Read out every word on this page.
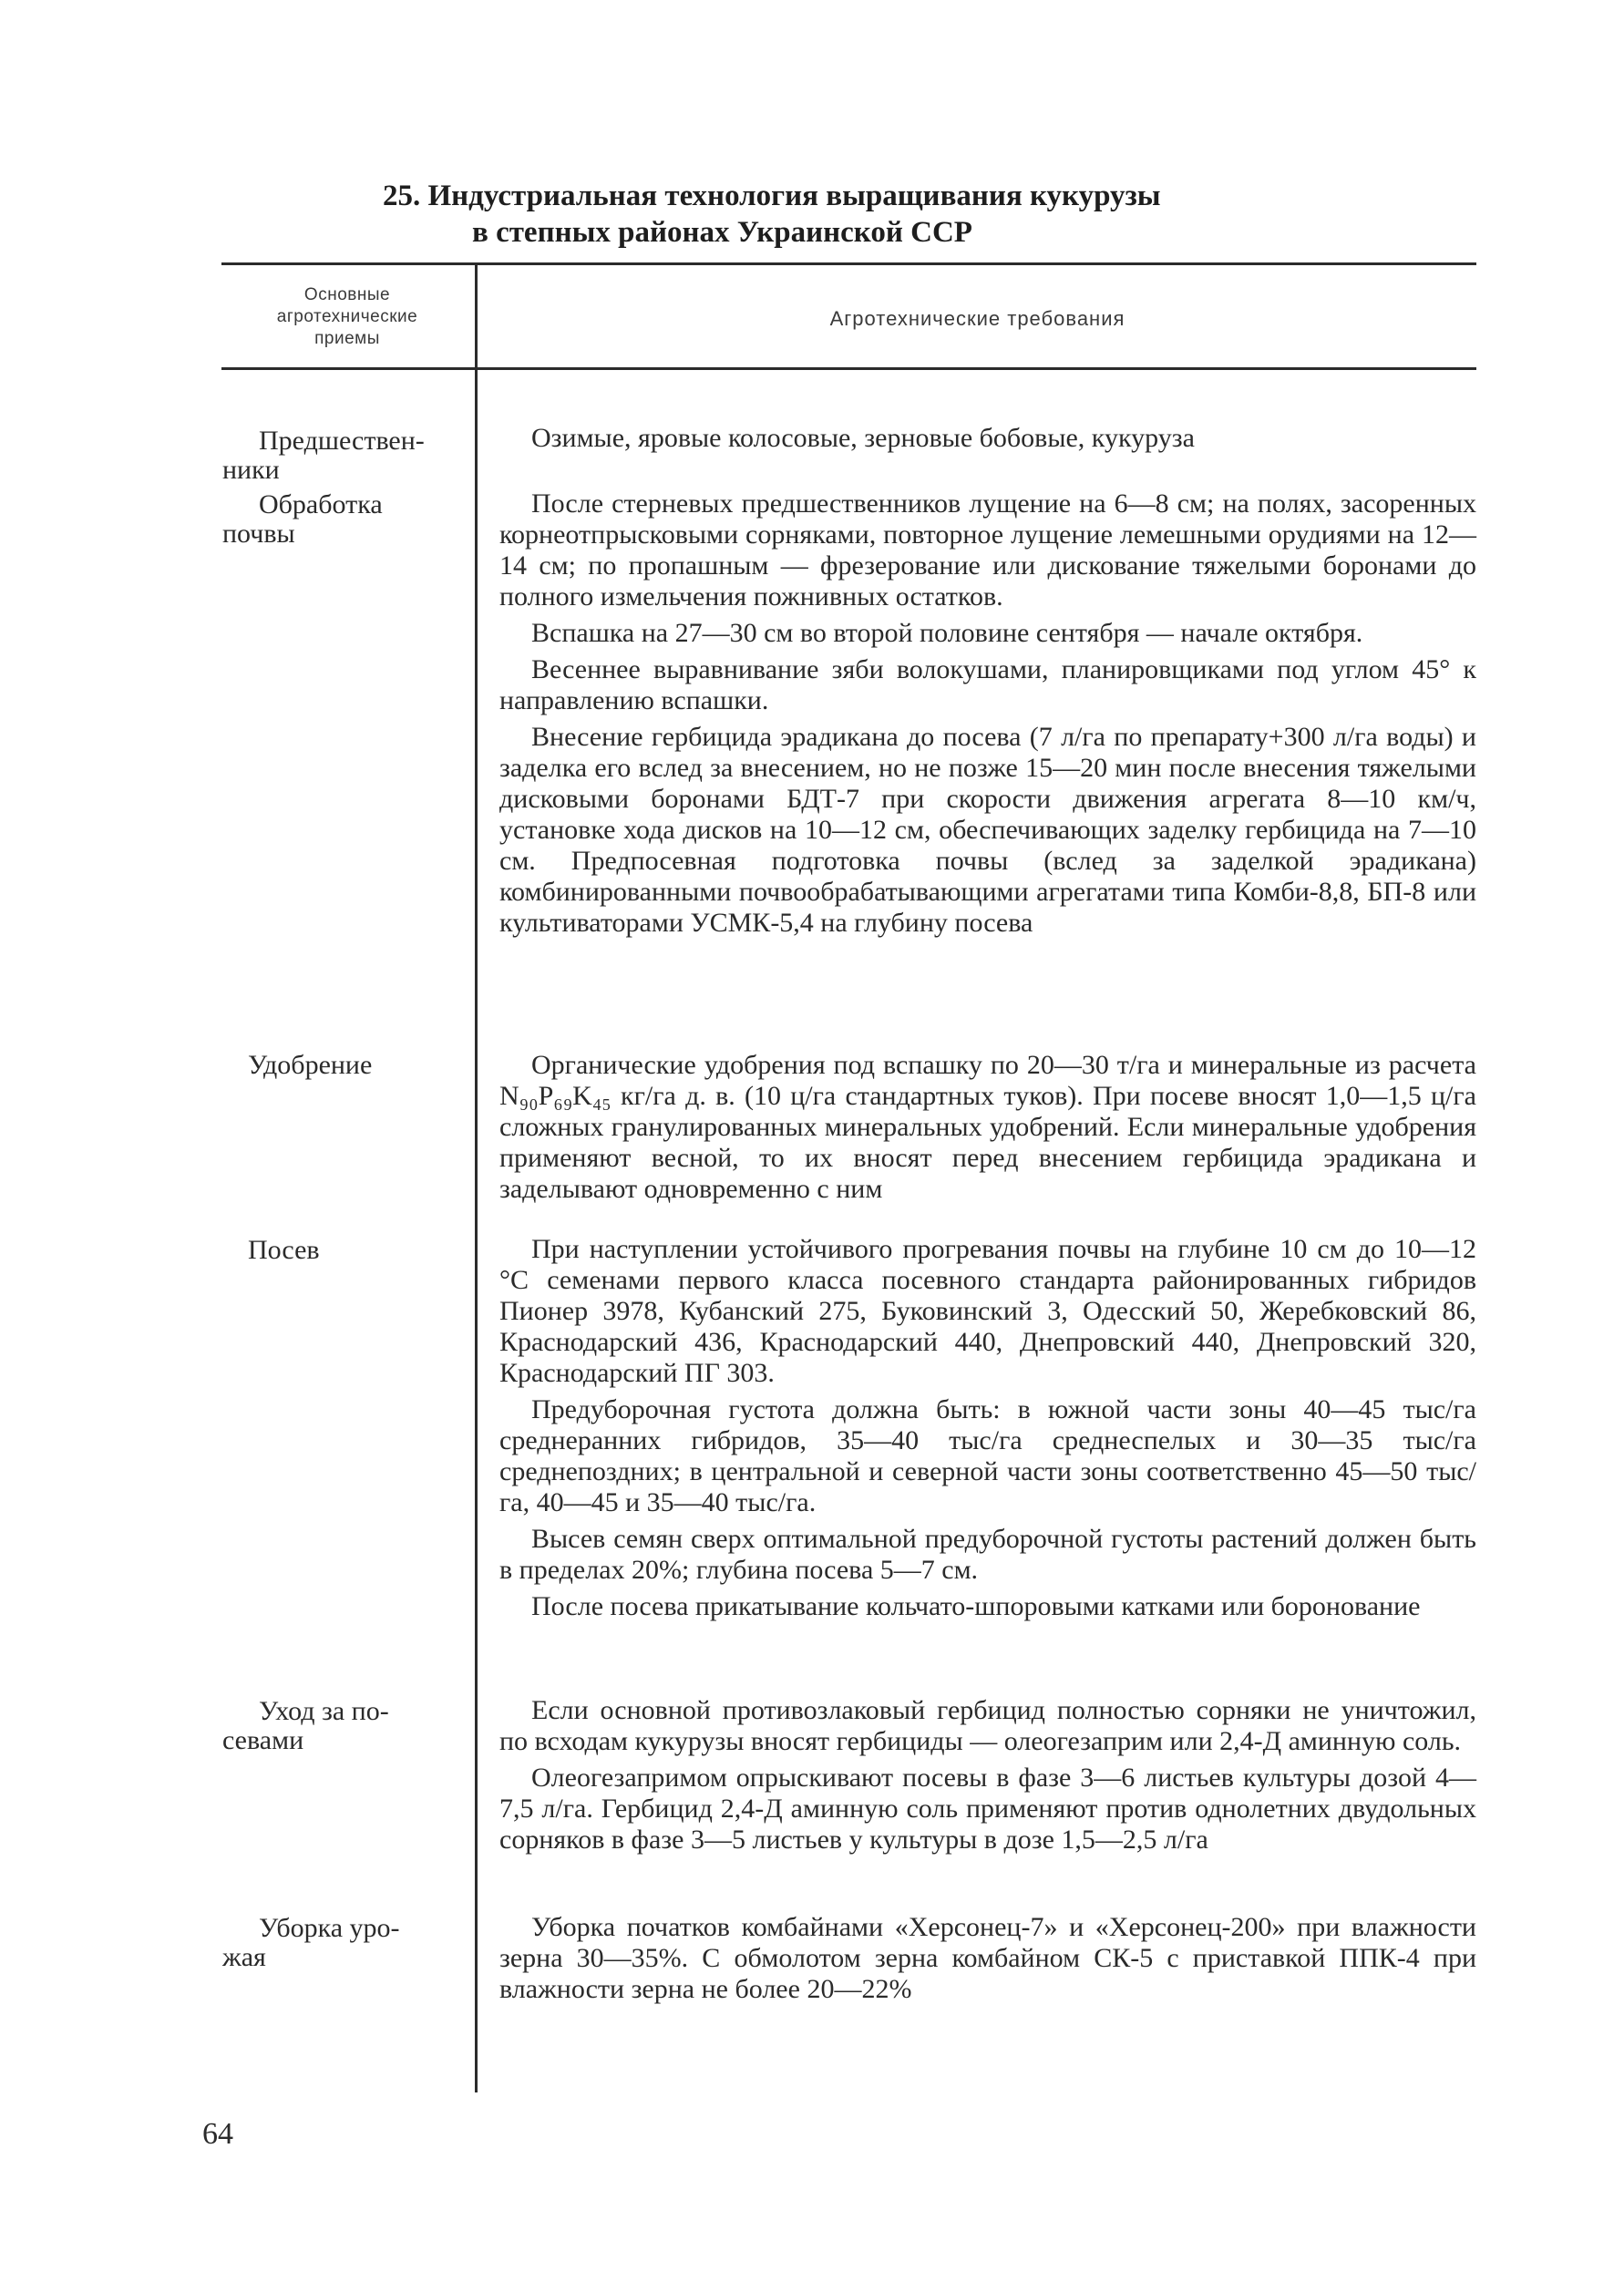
25. Индустриальная технология выращивания кукурузы
в степных районах Украинской ССР
Основные
агротехнические
приемы
Агротехнические требования
Предшествен-
ники

Озимые, яровые колосовые, зерновые бобовые, кукуруза

Обработка
почвы

После стерневых предшественников лущение на 6—8 см; на полях, засоренных корнеотпрысковыми сорняками, повторное лущение лемешными орудиями на 12—14 см; по пропашным — фрезерование или дискование тяжелыми боронами до полного измельчения пожнивных остатков.

Вспашка на 27—30 см во второй половине сентября — начале октября.

Весеннее выравнивание зяби волокушами, планировщиками под углом 45° к направлению вспашки.

Внесение гербицида эрадикана до посева (7 л/га по препарату+300 л/га воды) и заделка его вслед за внесением, но не позже 15—20 мин после внесения тяжелыми дисковыми боронами БДТ-7 при скорости движения агрегата 8—10 км/ч, установке хода дисков на 10—12 см, обеспечивающих заделку гербицида на 7—10 см. Предпосевная подготовка почвы (вслед за заделкой эрадикана) комбинированными почвообрабатывающими агрегатами типа Комби-8,8, БП-8 или культиваторами УСМК-5,4 на глубину посева

Удобрение	Органические удобрения под вспашку по 20—30 т/га и минеральные из расчета N₉₀P₆₉K₄₅ кг/га д. в. (10 ц/га стандартных туков). При посеве вносят 1,0—1,5 ц/га сложных гранулированных минеральных удобрений. Если минеральные удобрения применяют весной, то их вносят перед внесением гербицида эрадикана и заделывают одновременно с ним

Посев	При наступлении устойчивого прогревания почвы на глубине 10 см до 10—12 °С семенами первого класса посевного стандарта районированных гибридов Пионер 3978, Кубанский 275, Буковинский 3, Одесский 50, Жеребковский 86, Краснодарский 436, Краснодарский 440, Днепровский 440, Днепровский 320, Краснодарский ПГ 303.

Предуборочная густота должна быть: в южной части зоны 40—45 тыс/га среднеранних гибридов, 35—40 тыс/га среднеспелых и 30—35 тыс/га среднепоздних; в центральной и северной части зоны соответственно 45—50 тыс/га, 40—45 и 35—40 тыс/га.

Высев семян сверх оптимальной предуборочной густоты растений должен быть в пределах 20%; глубина посева 5—7 см.

После посева прикатывание кольчато-шпоровыми катками или боронование

Уход за по-
севами

Если основной противозлаковый гербицид полностью сорняки не уничтожил, по всходам кукурузы вносят гербициды — олеогезаприм или 2,4-Д аминную соль.

Олеогезапримом опрыскивают посевы в фазе 3—6 листьев культуры дозой 4—7,5 л/га. Гербицид 2,4-Д аминную соль применяют против однолетних двудольных сорняков в фазе 3—5 листьев у культуры в дозе 1,5—2,5 л/га

Уборка уро-
жая

Уборка початков комбайнами «Херсонец-7» и «Херсонец-200» при влажности зерна 30—35%. С обмолотом зерна комбайном СК-5 с приставкой ППК-4 при влажности зерна не более 20—22%

64
